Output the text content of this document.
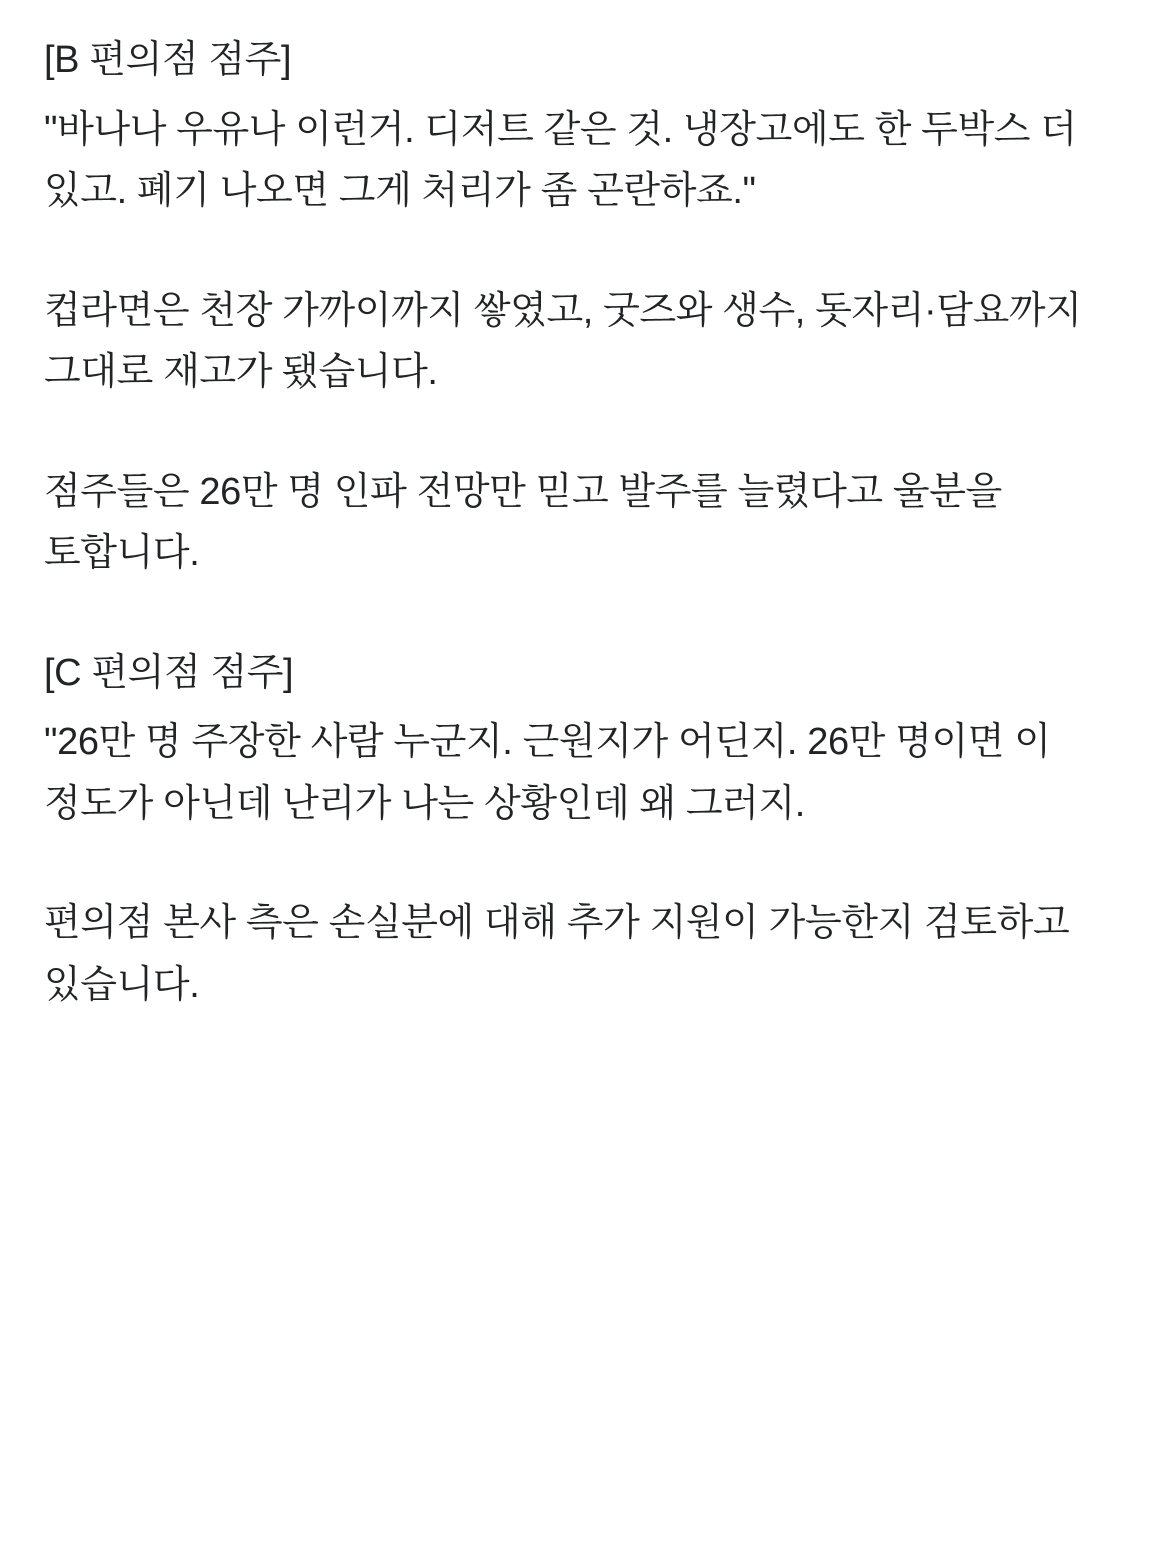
[B 편의점 점주]

"바나나 우유나 이런거. 디저트 같은 것. 냉장고에도 한 두박스 더 있고. 폐기 나오면 그게 처리가 좀 곤란하죠."

컵라면은 천장 가까이까지 쌓였고, 굿즈와 생수, 돗자리·담요까지 그대로 재고가 됐습니다.

점주들은 26만 명 인파 전망만 믿고 발주를 늘렸다고 울분을 토합니다.

[C 편의점 점주]

"26만 명 주장한 사람 누군지. 근원지가 어딘지. 26만 명이면 이 정도가 아닌데 난리가 나는 상황인데 왜 그러지.

편의점 본사 측은 손실분에 대해 추가 지원이 가능한지 검토하고 있습니다.
